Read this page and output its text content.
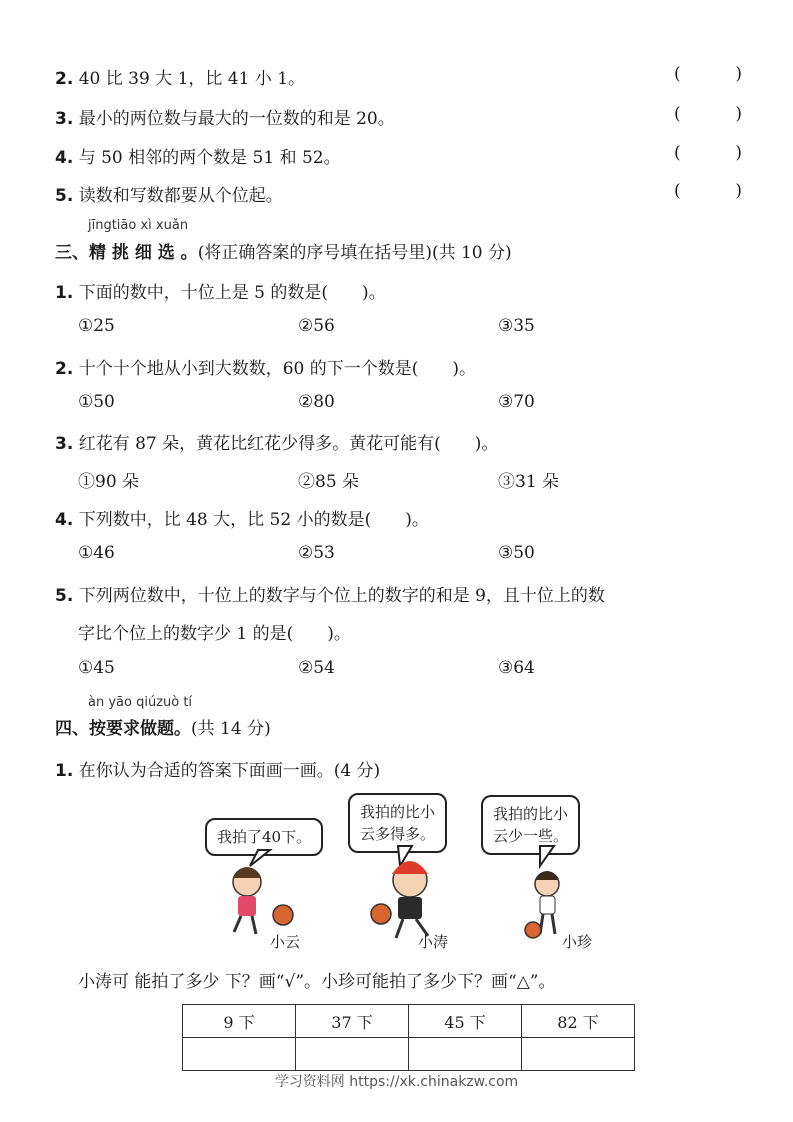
2. 40 比 39 大 1，比 41 小 1。	(	)
3. 最小的两位数与最大的一位数的和是 20。	(	)
4. 与 50 相邻的两个数是 51 和 52。	(	)
5. 读数和写数都要从个位起。	(	)
jīngtiāo xì xuǎn
三、精 挑 细 选 。(将正确答案的序号填在括号里)(共 10 分)
1. 下面的数中，十位上是 5 的数是(　　)。
①25	②56	③35
2. 十个十个地从小到大数数，60 的下一个数是(　　)。
①50	②80	③70
3. 红花有 87 朵，黄花比红花少得多。黄花可能有(　　)。
①90 朵	②85 朵	③31 朵
4. 下列数中，比 48 大，比 52 小的数是(　　)。
①46	②53	③50
5. 下列两位数中，十位上的数字与个位上的数字的和是 9，且十位上的数
字比个位上的数字少 1 的是(　　)。
①45	②54	③64
àn yāo qiúzuò tí
四、按要求做题。(共 14 分)
1. 在你认为合适的答案下面画一画。(4 分)
我拍了40下。
我拍的比小
云多得多。
我拍的比小
云少一些。
小云	小涛	小珍
小涛可 能拍了多少 下？画“√”。小珍可能拍了多少下？画“△”。
9 下	37 下	45 下	82 下

学习资料网 https://xk.chinakzw.com
